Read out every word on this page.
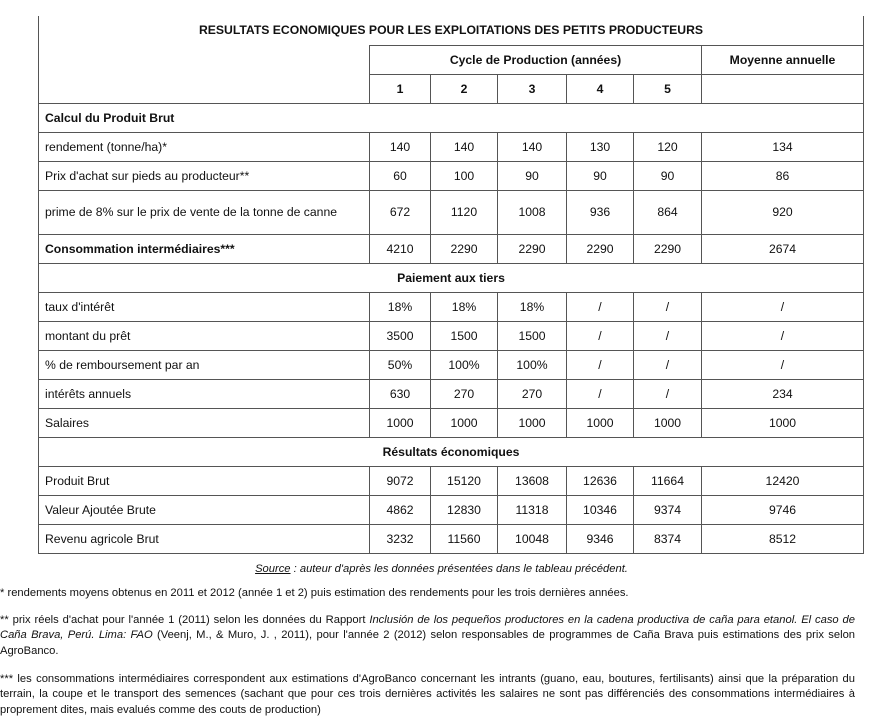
RESULTATS ECONOMIQUES POUR LES EXPLOITATIONS DES PETITS PRODUCTEURS						
	Cycle de Production (années)					Moyenne annuelle
	1	2	3	4	5	
Calcul du Produit Brut						
rendement (tonne/ha)*	140	140	140	130	120	134
Prix d'achat sur pieds au producteur**	60	100	90	90	90	86
prime de 8% sur le prix de vente de la tonne de canne	672	1120	1008	936	864	920
Consommation intermédiaires***	4210	2290	2290	2290	2290	2674
Paiement aux tiers						
taux d'intérêt	18%	18%	18%	/	/	/
montant du prêt	3500	1500	1500	/	/	/
% de remboursement par an	50%	100%	100%	/	/	/
intérêts annuels	630	270	270	/	/	234
Salaires	1000	1000	1000	1000	1000	1000
Résultats économiques						
Produit Brut	9072	15120	13608	12636	11664	12420
Valeur Ajoutée Brute	4862	12830	11318	10346	9374	9746
Revenu agricole Brut	3232	11560	10048	9346	8374	8512
Source : auteur d'après les données présentées dans le tableau précédent.
* rendements moyens obtenus en 2011 et 2012 (année 1 et 2) puis estimation des rendements pour les trois dernières années.
** prix réels d'achat pour l'année 1 (2011) selon les données du Rapport Inclusión de los pequeños productores en la cadena productiva de caña para etanol. El caso de Caña Brava, Perú. Lima: FAO (Veenj, M., & Muro, J. , 2011), pour l'année 2 (2012) selon responsables de programmes de Caña Brava puis estimations des prix selon AgroBanco.
*** les consommations intermédiaires correspondent aux estimations d'AgroBanco concernant les intrants (guano, eau, boutures, fertilisants) ainsi que la préparation du terrain, la coupe et le transport des semences (sachant que pour ces trois dernières activités les salaires ne sont pas différenciés des consommations intermédiaires à proprement dites, mais evalués comme des couts de production)
